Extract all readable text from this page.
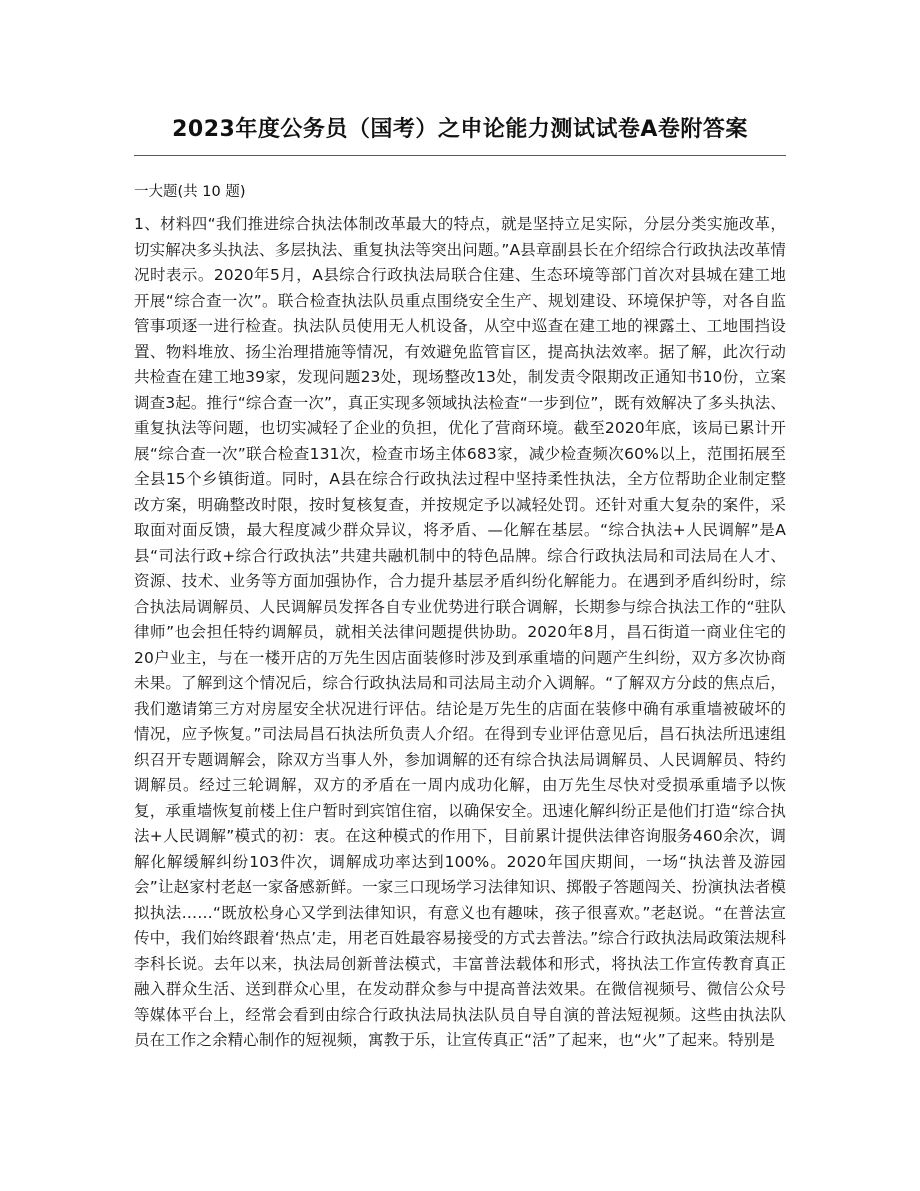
2023年度公务员（国考）之申论能力测试试卷A卷附答案

一大题(共 10 题)

1、材料四“我们推进综合执法体制改革最大的特点，就是坚持立足实际，分层分类实施改革，切实解决多头执法、多层执法、重复执法等突出问题。”A县章副县长在介绍综合行政执法改革情况时表示。2020年5月，A县综合行政执法局联合住建、生态环境等部门首次对县城在建工地开展“综合查一次”。联合检查执法队员重点围绕安全生产、规划建设、环境保护等，对各自监管事项逐一进行检查。执法队员使用无人机设备，从空中巡查在建工地的裸露土、工地围挡设置、物料堆放、扬尘治理措施等情况，有效避免监管盲区，提高执法效率。据了解，此次行动共检查在建工地39家，发现问题23处，现场整改13处，制发责令限期改正通知书10份，立案调查3起。推行“综合查一次”，真正实现多领域执法检查“一步到位”，既有效解决了多头执法、重复执法等问题，也切实减轻了企业的负担，优化了营商环境。截至2020年底，该局已累计开展“综合查一次”联合检查131次，检查市场主体683家，减少检查频次60%以上，范围拓展至全县15个乡镇街道。同时，A县在综合行政执法过程中坚持柔性执法，全方位帮助企业制定整改方案，明确整改时限，按时复核复查，并按规定予以减轻处罚。还针对重大复杂的案件，采取面对面反馈，最大程度减少群众异议，将矛盾、—化解在基层。“综合执法+人民调解”是A县“司法行政+综合行政执法”共建共融机制中的特色品牌。综合行政执法局和司法局在人才、资源、技术、业务等方面加强协作，合力提升基层矛盾纠纷化解能力。在遇到矛盾纠纷时，综合执法局调解员、人民调解员发挥各自专业优势进行联合调解，长期参与综合执法工作的“驻队律师”也会担任特约调解员，就相关法律问题提供协助。2020年8月，昌石街道一商业住宅的20户业主，与在一楼开店的万先生因店面装修时涉及到承重墙的问题产生纠纷，双方多次协商未果。了解到这个情况后，综合行政执法局和司法局主动介入调解。“了解双方分歧的焦点后，我们邀请第三方对房屋安全状况进行评估。结论是万先生的店面在装修中确有承重墙被破坏的情况，应予恢复。”司法局昌石执法所负责人介绍。在得到专业评估意见后，昌石执法所迅速组织召开专题调解会，除双方当事人外，参加调解的还有综合执法局调解员、人民调解员、特约调解员。经过三轮调解，双方的矛盾在一周内成功化解，由万先生尽快对受损承重墙予以恢复，承重墙恢复前楼上住户暂时到宾馆住宿，以确保安全。迅速化解纠纷正是他们打造“综合执法+人民调解”模式的初：衷。在这种模式的作用下，目前累计提供法律咨询服务460余次，调解化解缓解纠纷103件次，调解成功率达到100%。2020年国庆期间，一场“执法普及游园会”让赵家村老赵一家备感新鲜。一家三口现场学习法律知识、掷骰子答题闯关、扮演执法者模拟执法……“既放松身心又学到法律知识，有意义也有趣味，孩子很喜欢。”老赵说。“在普法宣传中，我们始终跟着‘热点’走，用老百姓最容易接受的方式去普法。”综合行政执法局政策法规科李科长说。去年以来，执法局创新普法模式，丰富普法载体和形式，将执法工作宣传教育真正融入群众生活、送到群众心里，在发动群众参与中提高普法效果。在微信视频号、微信公众号等媒体平台上，经常会看到由综合行政执法局执法队员自导自演的普法短视频。这些由执法队员在工作之余精心制作的短视频，寓教于乐，让宣传真正“活”了起来，也“火”了起来。特别是
